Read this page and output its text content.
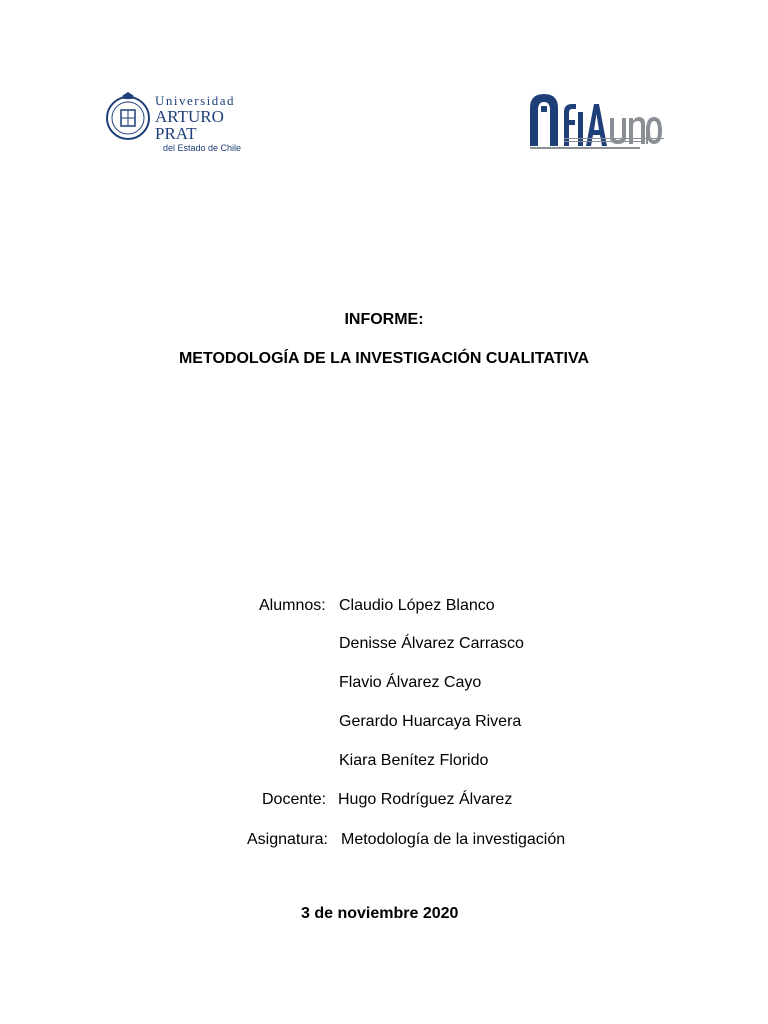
Universidad
ARTURO PRAT
del Estado de Chile
INFORME:
METODOLOGÍA DE LA INVESTIGACIÓN CUALITATIVA
Alumnos: Claudio López Blanco
Denisse Álvarez Carrasco
Flavio Álvarez Cayo
Gerardo Huarcaya Rivera
Kiara Benítez Florido
Docente: Hugo Rodríguez Álvarez
Asignatura: Metodología de la investigación
3 de noviembre 2020
